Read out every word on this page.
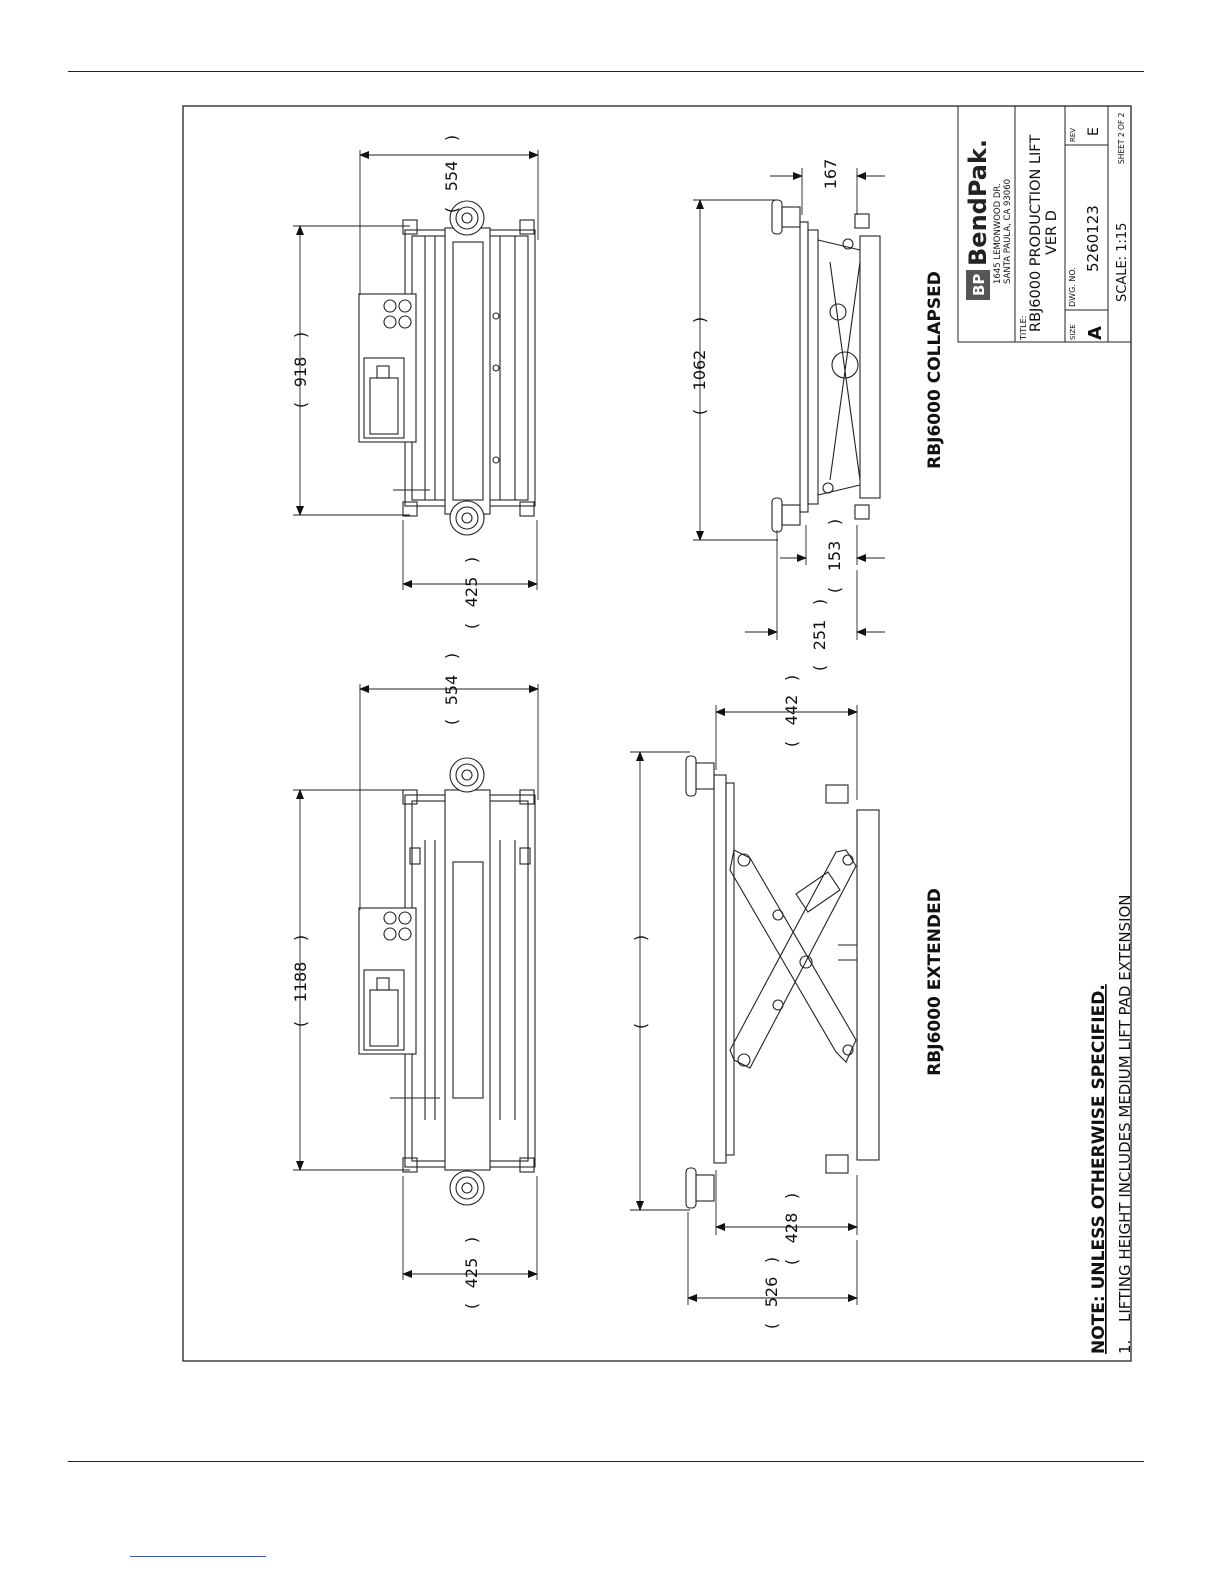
BP
BendPak. 1645 LEMONWOOD DR. SANTA PAULA, CA 93060
TITLE: RBJ6000 PRODUCTION LIFT VER D
SIZE A
DWG. NO.
5260123
REV E
SCALE: 1:15
SHEET 2 OF 2
554
918
425
554
1188
425
1062
167
153
251
442
428
526
)
(
)
(
)
(
)
(
)
(
)
(
)
(
)
(
)
(
)
(
)
(
)
(
)
(
RBJ6000 COLLAPSED
RBJ6000 EXTENDED
NOTE: UNLESS OTHERWISE SPECIFIED. 1.
LIFTING HEIGHT INCLUDES MEDIUM LIFT PAD EXTENSION
